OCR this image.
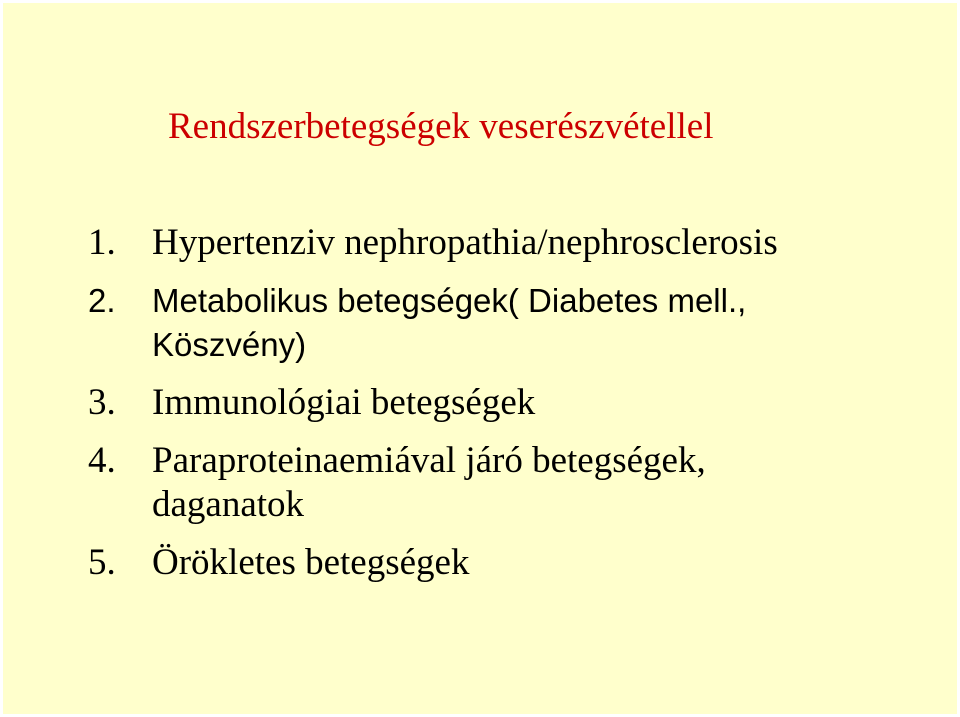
Rendszerbetegségek veserészvétellel
1. Hypertenziv nephropathia/nephrosclerosis
2.	Metabolikus betegségek( Diabetes mell., Köszvény)
3. Immunológiai betegségek
4. Paraproteinaemiával járó betegségek, daganatok
5. Örökletes betegségek
